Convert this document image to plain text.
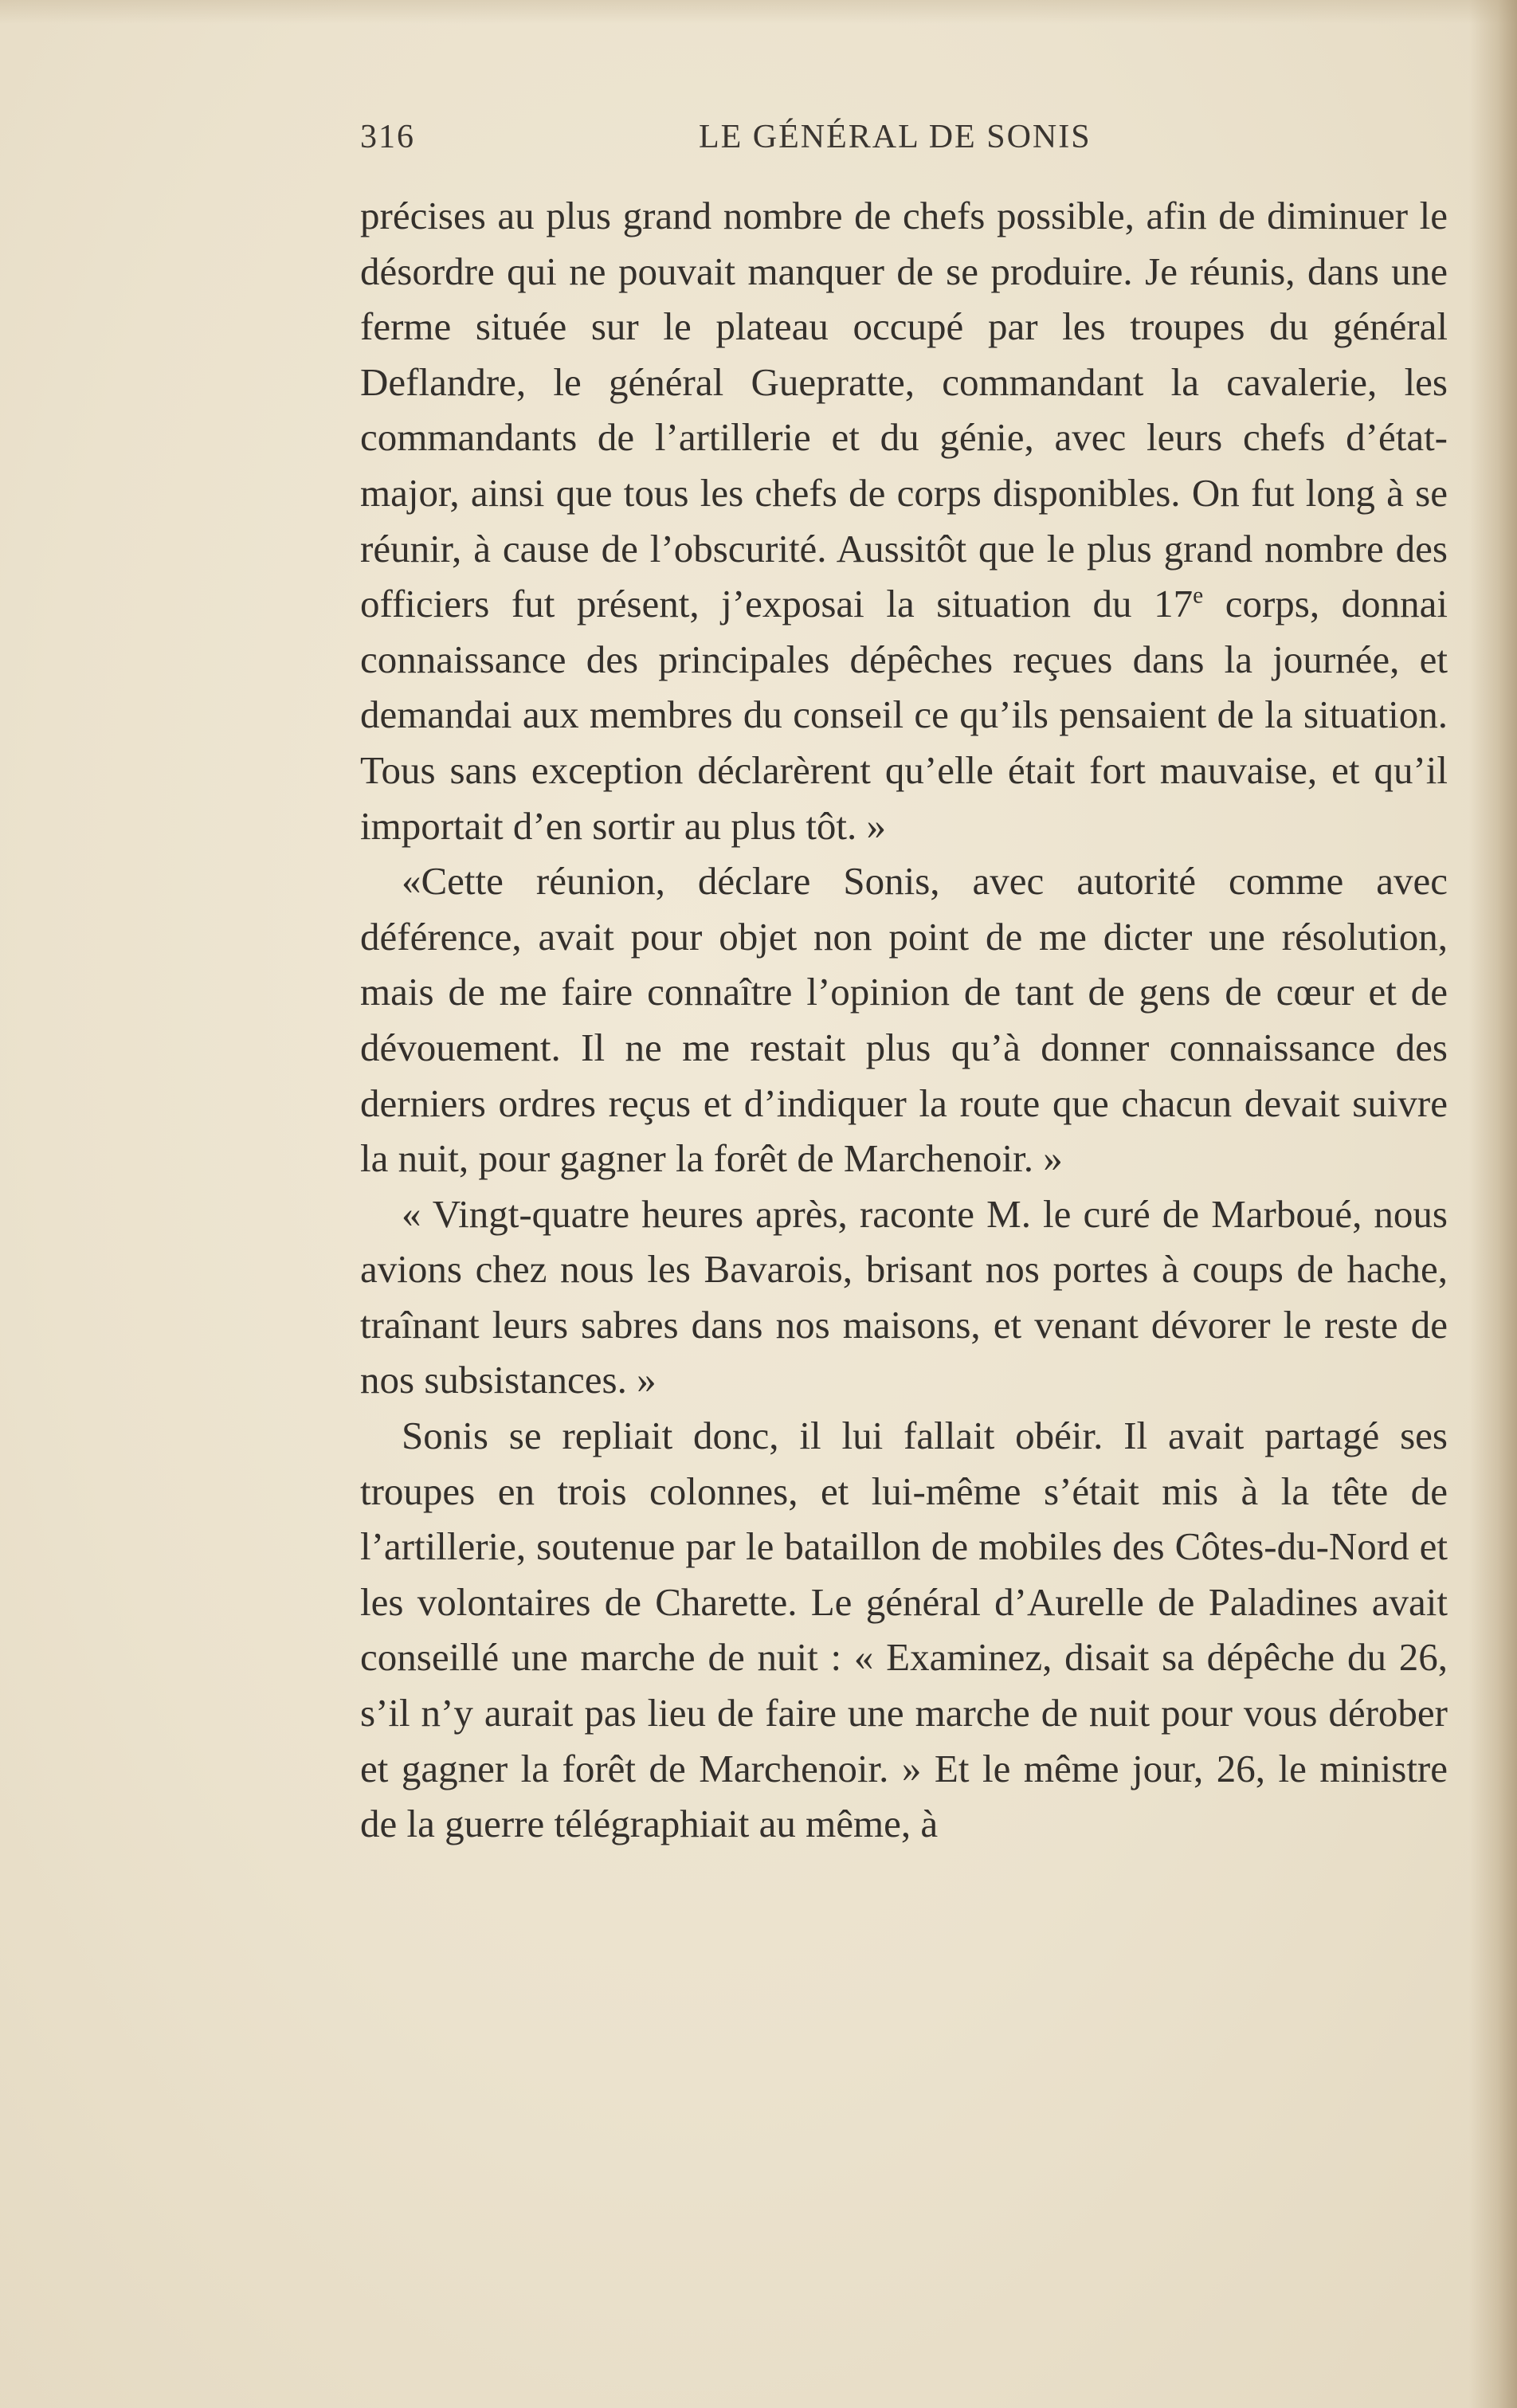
316	LE GÉNÉRAL DE SONIS

précises au plus grand nombre de chefs possible, afin de diminuer le désordre qui ne pouvait manquer de se produire. Je réunis, dans une ferme située sur le plateau occupé par les troupes du général Deflandre, le général Guepratte, commandant la cavalerie, les commandants de l’artillerie et du génie, avec leurs chefs d’état-major, ainsi que tous les chefs de corps disponibles. On fut long à se réunir, à cause de l’obscurité. Aussitôt que le plus grand nombre des officiers fut présent, j’exposai la situation du 17e corps, donnai connaissance des principales dépêches reçues dans la journée, et demandai aux membres du conseil ce qu’ils pensaient de la situation. Tous sans exception déclarèrent qu’elle était fort mauvaise, et qu’il importait d’en sortir au plus tôt. »

«Cette réunion, déclare Sonis, avec autorité comme avec déférence, avait pour objet non point de me dicter une résolution, mais de me faire connaître l’opinion de tant de gens de cœur et de dévouement. Il ne me restait plus qu’à donner connaissance des derniers ordres reçus et d’indiquer la route que chacun devait suivre la nuit, pour gagner la forêt de Marchenoir. »

« Vingt-quatre heures après, raconte M. le curé de Marboué, nous avions chez nous les Bavarois, brisant nos portes à coups de hache, traînant leurs sabres dans nos maisons, et venant dévorer le reste de nos subsistances. »

Sonis se repliait donc, il lui fallait obéir. Il avait partagé ses troupes en trois colonnes, et lui-même s’était mis à la tête de l’artillerie, soutenue par le bataillon de mobiles des Côtes-du-Nord et les volontaires de Charette. Le général d’Aurelle de Paladines avait conseillé une marche de nuit : « Examinez, disait sa dépêche du 26, s’il n’y aurait pas lieu de faire une marche de nuit pour vous dérober et gagner la forêt de Marchenoir. » Et le même jour, 26, le ministre de la guerre télégraphiait au même, à
